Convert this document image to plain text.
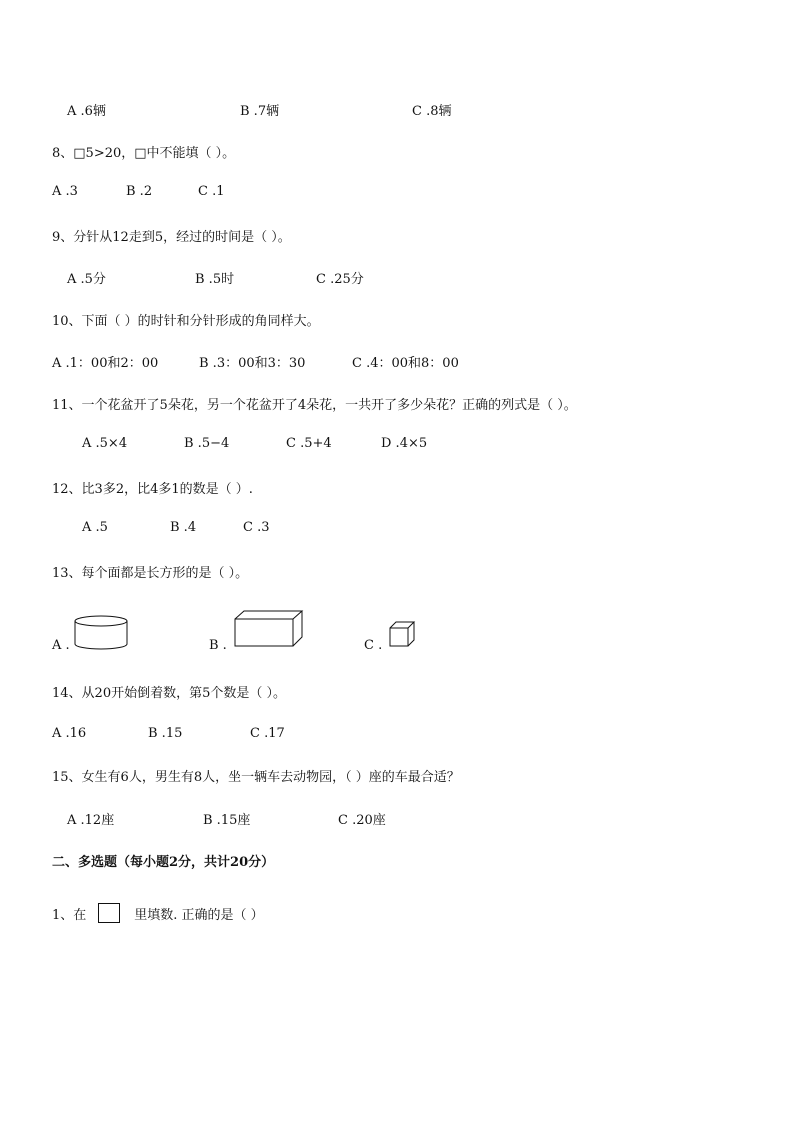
A .6辆	B .7辆	C .8辆
8、□5>20，□中不能填（ ）。
A .3	B .2	C .1
9、分针从12走到5，经过的时间是（ ）。
A .5分	B .5时	C .25分
10、下面（ ）的时针和分针形成的角同样大。
A .1：00和2：00	B .3：00和3：30	C .4：00和8：00
11、一个花盆开了5朵花，另一个花盆开了4朵花，一共开了多少朵花？正确的列式是（ ）。
A .5×4	B .5−4	C .5+4	D .4×5
12、比3多2，比4多1的数是（ ）.
A .5	B .4	C .3
13、每个面都是长方形的是（ ）。
A .	B .	C .
14、从20开始倒着数，第5个数是（ ）。
A .16	B .15	C .17
15、女生有6人，男生有8人，坐一辆车去动物园，（ ）座的车最合适？
A .12座	B .15座	C .20座
二、多选题（每小题2分，共计20分）
1、在	里填数. 正确的是（ ）
